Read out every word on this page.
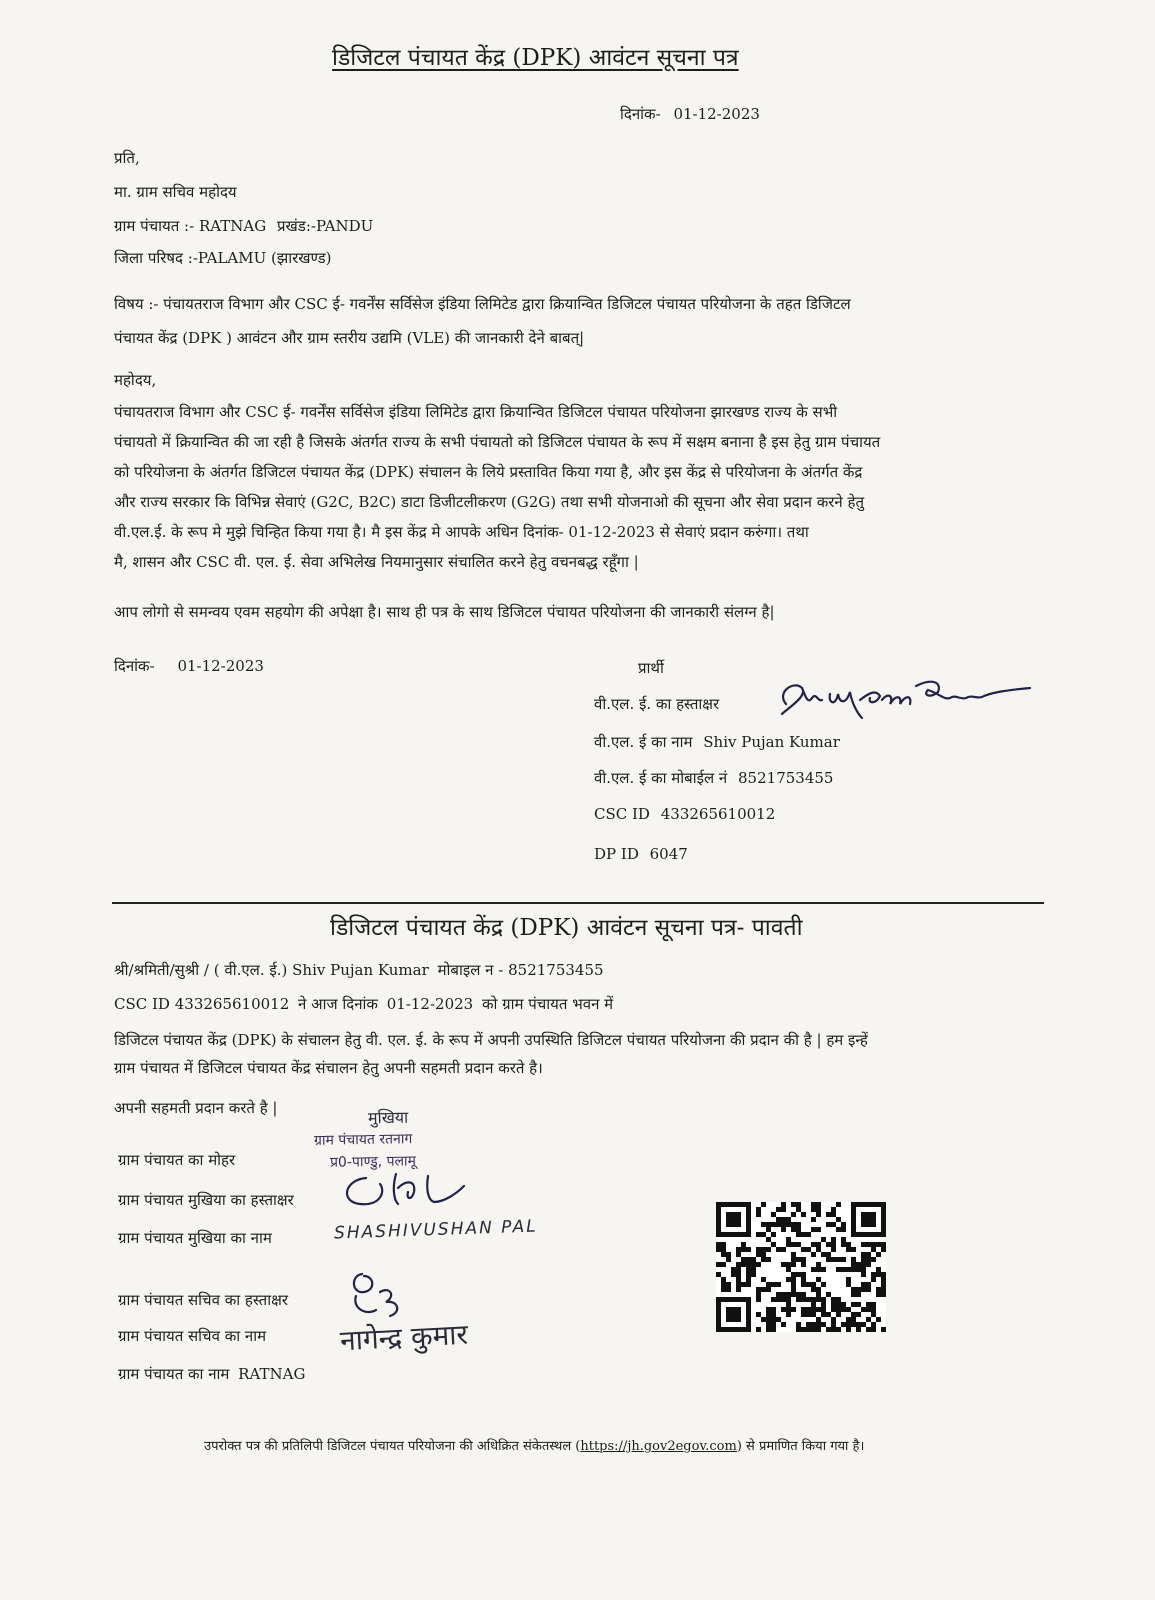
डिजिटल पंचायत केंद्र (DPK) आवंटन सूचना पत्र
दिनांक- 01-12-2023
प्रति,
मा. ग्राम सचिव महोदय
ग्राम पंचायत :- RATNAG प्रखंड:-PANDU
जिला परिषद :-PALAMU (झारखण्ड)
विषय :- पंचायतराज विभाग और CSC ई- गवर्नेंस सर्विसेज इंडिया लिमिटेड द्वारा क्रियान्वित डिजिटल पंचायत परियोजना के तहत डिजिटल
पंचायत केंद्र (DPK ) आवंटन और ग्राम स्तरीय उद्यमि (VLE) की जानकारी देने बाबत्|
महोदय,
पंचायतराज विभाग और CSC ई- गवर्नेंस सर्विसेज इंडिया लिमिटेड द्वारा क्रियान्वित डिजिटल पंचायत परियोजना झारखण्ड राज्य के सभी
पंचायतो में क्रियान्वित की जा रही है जिसके अंतर्गत राज्य के सभी पंचायतो को डिजिटल पंचायत के रूप में सक्षम बनाना है इस हेतु ग्राम पंचायत
को परियोजना के अंतर्गत डिजिटल पंचायत केंद्र (DPK) संचालन के लिये प्रस्तावित किया गया है, और इस केंद्र से परियोजना के अंतर्गत केंद्र
और राज्य सरकार कि विभिन्न सेवाएं (G2C, B2C) डाटा डिजीटलीकरण (G2G) तथा सभी योजनाओ की सूचना और सेवा प्रदान करने हेतु
वी.एल.ई. के रूप मे मुझे चिन्हित किया गया है। मै इस केंद्र मे आपके अधिन दिनांक- 01-12-2023 से सेवाएं प्रदान करुंगा। तथा
मै, शासन और CSC वी. एल. ई. सेवा अभिलेख नियमानुसार संचालित करने हेतु वचनबद्ध रहूँगा |
आप लोगो से समन्वय एवम सहयोग की अपेक्षा है। साथ ही पत्र के साथ डिजिटल पंचायत परियोजना की जानकारी संलग्न है|
दिनांक- 01-12-2023	प्रार्थी
वी.एल. ई. का हस्ताक्षर
वी.एल. ई का नाम Shiv Pujan Kumar
वी.एल. ई का मोबाईल नं 8521753455
CSC ID 433265610012
DP ID 6047
डिजिटल पंचायत केंद्र (DPK) आवंटन सूचना पत्र- पावती
श्री/श्रमिती/सुश्री / ( वी.एल. ई.) Shiv Pujan Kumar मोबाइल न - 8521753455
CSC ID 433265610012 ने आज दिनांक 01-12-2023 को ग्राम पंचायत भवन में
डिजिटल पंचायत केंद्र (DPK) के संचालन हेतु वी. एल. ई. के रूप में अपनी उपस्थिति डिजिटल पंचायत परियोजना की प्रदान की है | हम इन्हें
ग्राम पंचायत में डिजिटल पंचायत केंद्र संचालन हेतु अपनी सहमती प्रदान करते है।
अपनी सहमती प्रदान करते है |	मुखिया
ग्राम पंचायत रतनाग
प्र0-पाण्डु, पलामू
ग्राम पंचायत का मोहर
ग्राम पंचायत मुखिया का हस्ताक्षर
ग्राम पंचायत मुखिया का नाम	SHASHIVUSHAN PAL
ग्राम पंचायत सचिव का हस्ताक्षर
ग्राम पंचायत सचिव का नाम	नागेन्द्र कुमार
ग्राम पंचायत का नाम RATNAG
उपरोक्त पत्र की प्रतिलिपी डिजिटल पंचायत परियोजना की अधिक्रित संकेतस्थल (https://jh.gov2egov.com) से प्रमाणित किया गया है।
